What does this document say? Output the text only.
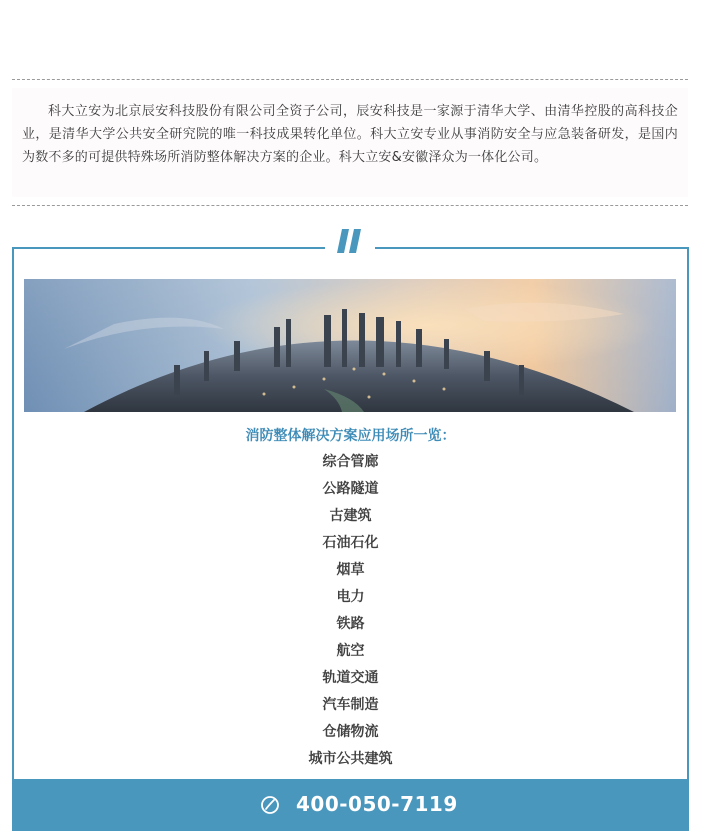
科大立安为北京辰安科技股份有限公司全资子公司，辰安科技是一家源于清华大学、由清华控股的高科技企业，是清华大学公共安全研究院的唯一科技成果转化单位。科大立安专业从事消防安全与应急装备研发，是国内为数不多的可提供特殊场所消防整体解决方案的企业。科大立安&安徽泽众为一体化公司。

消防整体解决方案应用场所一览：
综合管廊
公路隧道
古建筑
石油石化
烟草
电力
铁路
航空
轨道交通
汽车制造
仓储物流
城市公共建筑
400-050-7119
